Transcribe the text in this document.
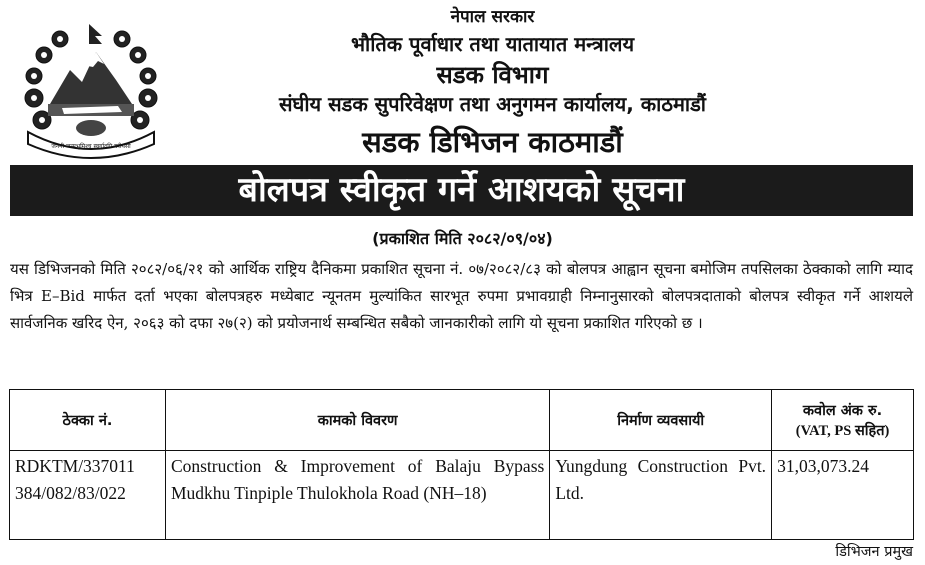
जननी जन्मभूमिश्च स्वर्गादपि गरीयसी
नेपाल सरकार
भौतिक पूर्वाधार तथा यातायात मन्त्रालय
सडक विभाग
संघीय सडक सुपरिवेक्षण तथा अनुगमन कार्यालय, काठमाडौं
सडक डिभिजन काठमाडौं
बोलपत्र स्वीकृत गर्ने आशयको सूचना
(प्रकाशित मिति २०८२/०९/०४)
यस डिभिजनको मिति २०८२/०६/२१ को आर्थिक राष्ट्रिय दैनिकमा प्रकाशित सूचना नं. ०७/२०८२/८३ को बोलपत्र आह्वान सूचना बमोजिम तपसिलका ठेक्काको लागि म्याद भित्र E–Bid मार्फत दर्ता भएका बोलपत्रहरु मध्येबाट न्यूनतम मुल्यांकित सारभूत रुपमा प्रभावग्राही निम्नानुसारको बोलपत्रदाताको बोलपत्र स्वीकृत गर्ने आशयले सार्वजनिक खरिद ऐन, २०६३ को दफा २७(२) को प्रयोजनार्थ सम्बन्धित सबैको जानकारीको लागि यो सूचना प्रकाशित गरिएको छ ।
ठेक्का नं.	कामको विवरण	निर्माण व्यवसायी	कवोल अंक रु.
(VAT, PS सहित)

RDKTM/337011 384/082/83/022	Construction & Improvement of Balaju Bypass Mudkhu Tinpiple Thulokhola Road (NH–18)	Yungdung Construction Pvt. Ltd.	31,03,073.24
डिभिजन प्रमुख
